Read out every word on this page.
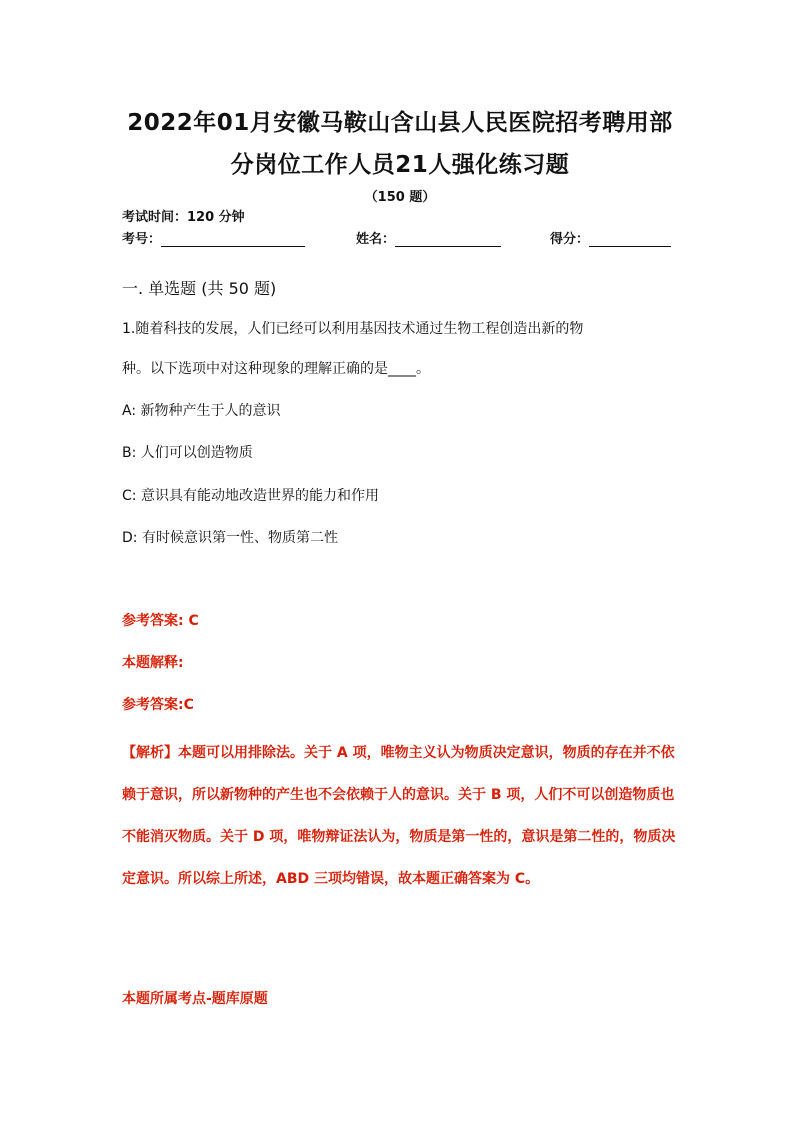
2022年01月安徽马鞍山含山县人民医院招考聘用部
分岗位工作人员21人强化练习题
（150 题）
考试时间：120 分钟
考号：	姓名：	得分：
一. 单选题 (共 50 题)
1.随着科技的发展，人们已经可以利用基因技术通过生物工程创造出新的物
种。以下选项中对这种现象的理解正确的是____。
A: 新物种产生于人的意识
B: 人们可以创造物质
C: 意识具有能动地改造世界的能力和作用
D: 有时候意识第一性、物质第二性
参考答案: C
本题解释:
参考答案:C
【解析】本题可以用排除法。关于 A 项，唯物主义认为物质决定意识，物质的存在并不依赖于意识，所以新物种的产生也不会依赖于人的意识。关于 B 项，人们不可以创造物质也不能消灭物质。关于 D 项，唯物辩证法认为，物质是第一性的，意识是第二性的，物质决定意识。所以综上所述，ABD 三项均错误，故本题正确答案为 C。
本题所属考点-题库原题
